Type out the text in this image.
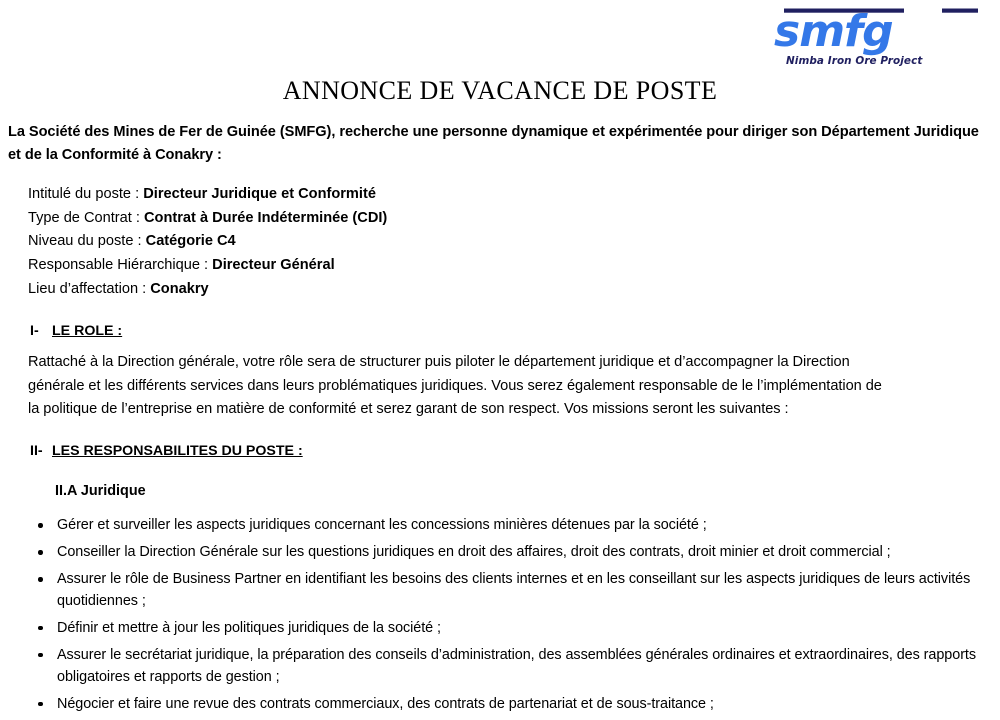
smfg
Nimba Iron Ore Project
ANNONCE DE VACANCE DE POSTE

La Société des Mines de Fer de Guinée (SMFG), recherche une personne dynamique et expérimentée pour diriger son Département Juridique et de la Conformité à Conakry :

Intitulé du poste : Directeur Juridique et Conformité
Type de Contrat : Contrat à Durée Indéterminée (CDI)
Niveau du poste : Catégorie C4
Responsable Hiérarchique : Directeur Général
Lieu d’affectation : Conakry
I- LE ROLE :

Rattaché à la Direction générale, votre rôle sera de structurer puis piloter le département juridique et d’accompagner la Direction générale et les différents services dans leurs problématiques juridiques. Vous serez également responsable de le l’implémentation de la politique de l’entreprise en matière de conformité et serez garant de son respect. Vos missions seront les suivantes :

II- LES RESPONSABILITES DU POSTE :
II.A Juridique
Gérer et surveiller les aspects juridiques concernant les concessions minières détenues par la société ;
Conseiller la Direction Générale sur les questions juridiques en droit des affaires, droit des contrats, droit minier et droit commercial ;
Assurer le rôle de Business Partner en identifiant les besoins des clients internes et en les conseillant sur les aspects juridiques de leurs activités quotidiennes ;
Définir et mettre à jour les politiques juridiques de la société ;
Assurer le secrétariat juridique, la préparation des conseils d’administration, des assemblées générales ordinaires et extraordinaires, des rapports obligatoires et rapports de gestion ;
Négocier et faire une revue des contrats commerciaux, des contrats de partenariat et de sous-traitance ;
